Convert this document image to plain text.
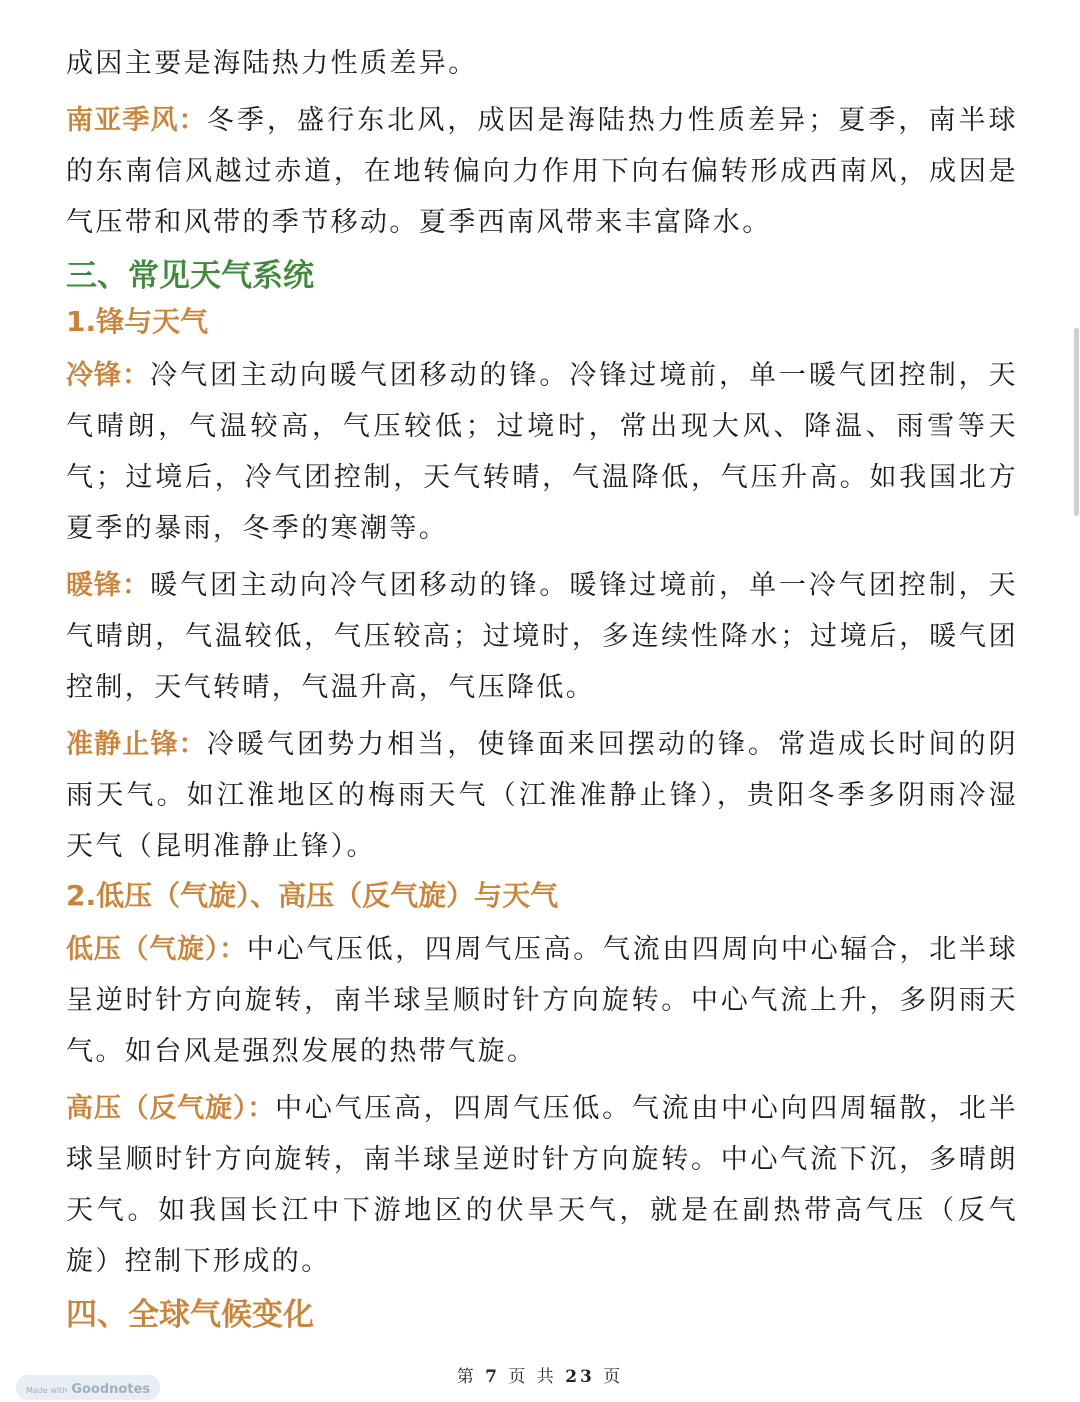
成因主要是海陆热力性质差异。

南亚季风：冬季，盛行东北风，成因是海陆热力性质差异；夏季，南半球的东南信风越过赤道，在地转偏向力作用下向右偏转形成西南风，成因是气压带和风带的季节移动。夏季西南风带来丰富降水。

三、常见天气系统
1.锋与天气

冷锋：冷气团主动向暖气团移动的锋。冷锋过境前，单一暖气团控制，天气晴朗，气温较高，气压较低；过境时，常出现大风、降温、雨雪等天气；过境后，冷气团控制，天气转晴，气温降低，气压升高。如我国北方夏季的暴雨，冬季的寒潮等。

暖锋：暖气团主动向冷气团移动的锋。暖锋过境前，单一冷气团控制，天气晴朗，气温较低，气压较高；过境时，多连续性降水；过境后，暖气团控制，天气转晴，气温升高，气压降低。

准静止锋：冷暖气团势力相当，使锋面来回摆动的锋。常造成长时间的阴雨天气。如江淮地区的梅雨天气（江淮准静止锋），贵阳冬季多阴雨冷湿天气（昆明准静止锋）。

2.低压（气旋）、高压（反气旋）与天气

低压（气旋）：中心气压低，四周气压高。气流由四周向中心辐合，北半球呈逆时针方向旋转，南半球呈顺时针方向旋转。中心气流上升，多阴雨天气。如台风是强烈发展的热带气旋。

高压（反气旋）：中心气压高，四周气压低。气流由中心向四周辐散，北半球呈顺时针方向旋转，南半球呈逆时针方向旋转。中心气流下沉，多晴朗天气。如我国长江中下游地区的伏旱天气，就是在副热带高气压（反气旋）控制下形成的。

四、全球气候变化
第 7 页 共 23 页
Made with Goodnotes
